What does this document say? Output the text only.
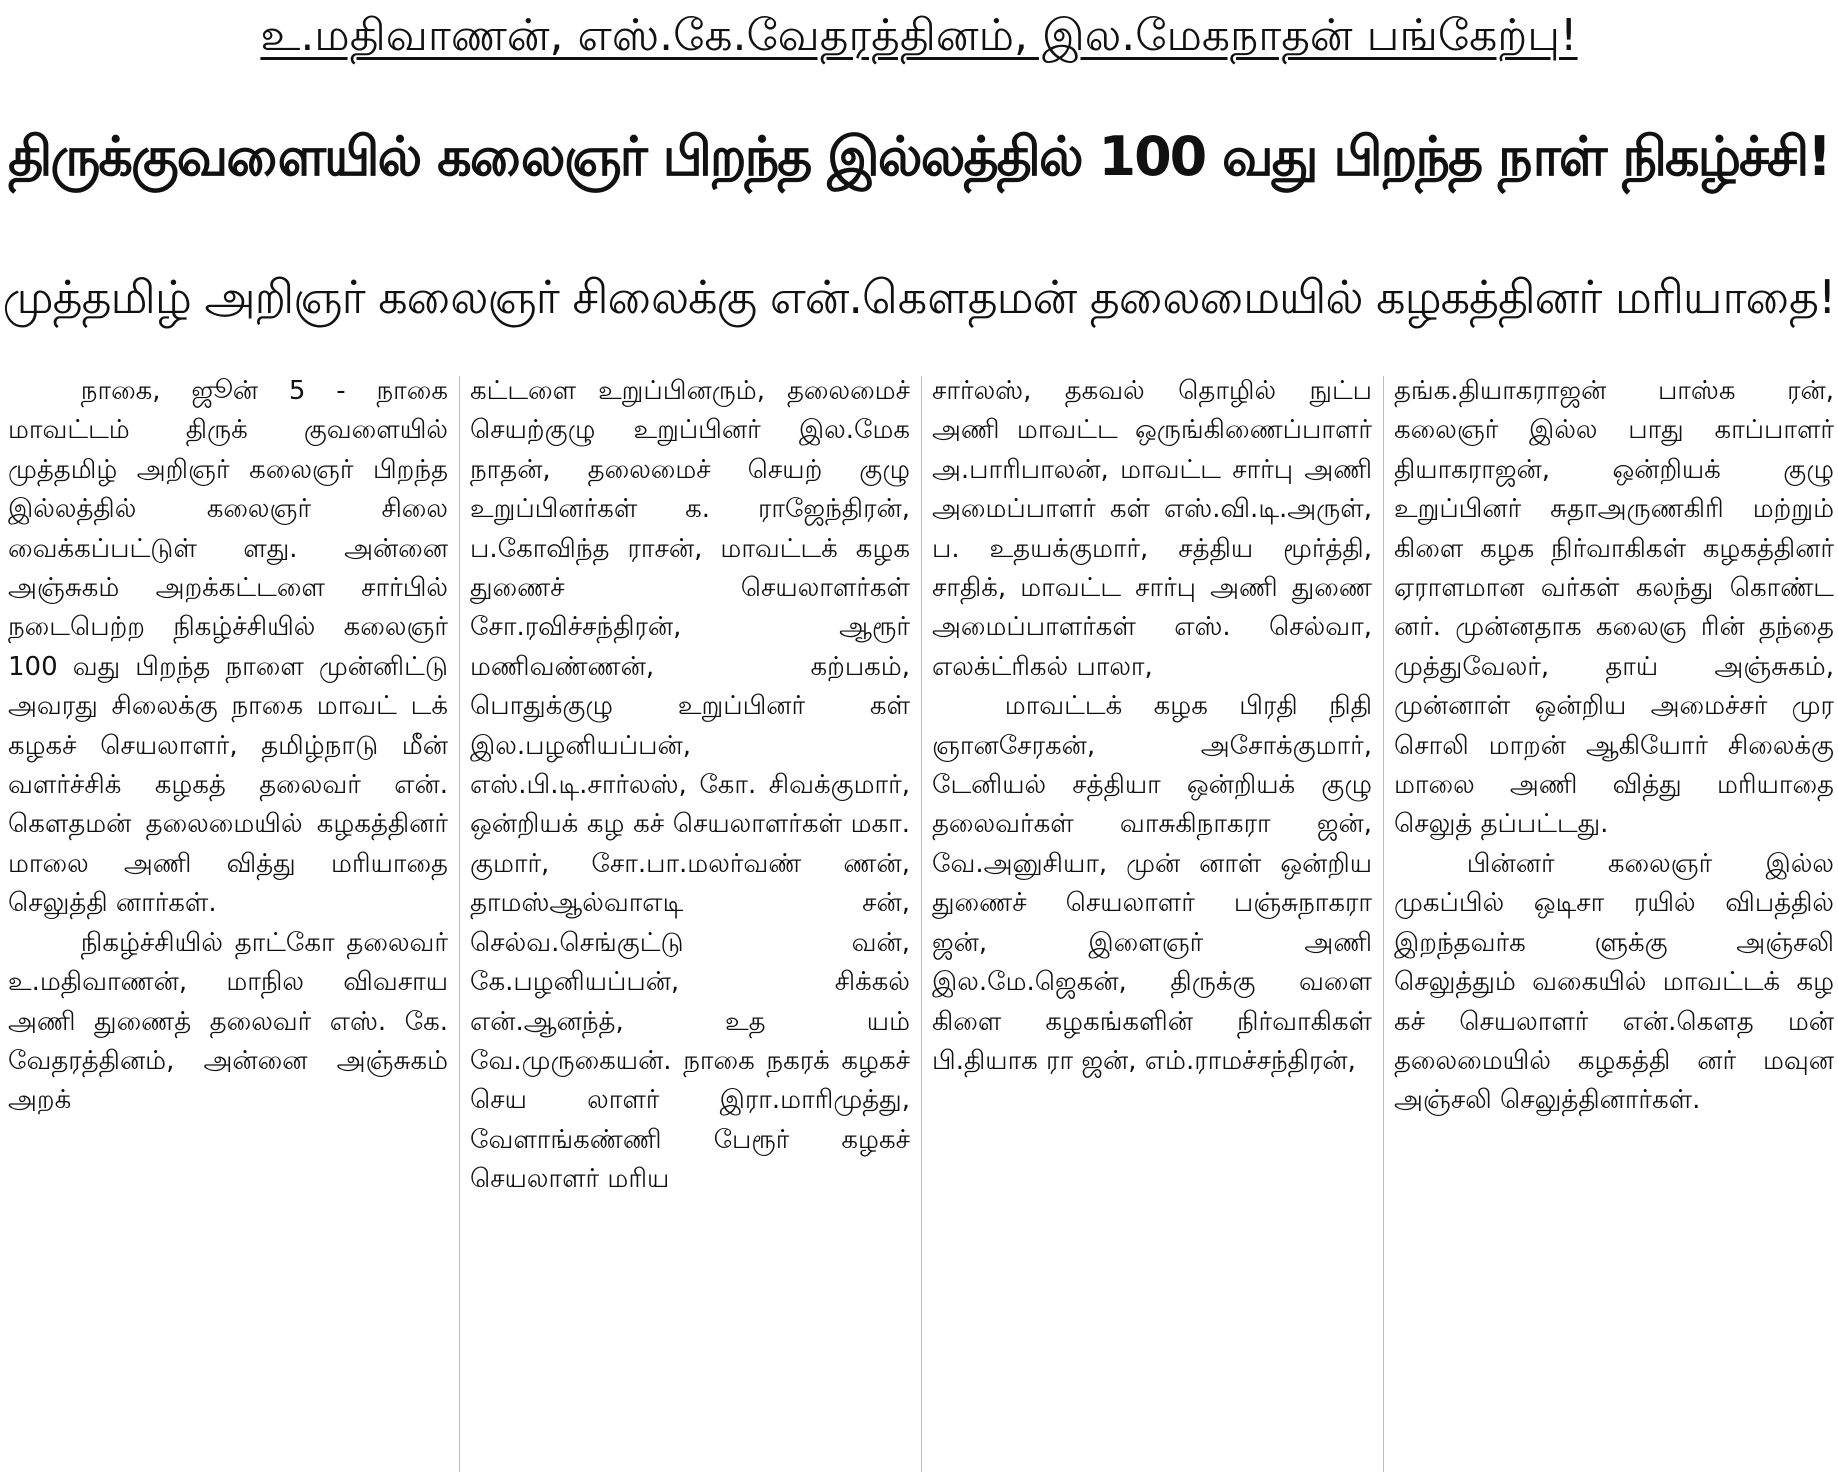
உ.மதிவாணன், எஸ்.கே.வேதரத்தினம், இல.மேகநாதன் பங்கேற்பு!
திருக்குவளையில் கலைஞர் பிறந்த இல்லத்தில் 100 வது பிறந்த நாள் நிகழ்ச்சி!
முத்தமிழ் அறிஞர் கலைஞர் சிலைக்கு என்.கௌதமன் தலைமையில் கழகத்தினர் மரியாதை!

நாகை, ஜூன் 5 - நாகை மாவட்டம் திருக் குவளையில் முத்தமிழ் அறிஞர் கலைஞர் பிறந்த இல்லத்தில் கலைஞர் சிலை வைக்கப்பட்டுள் ளது. அன்னை அஞ்சுகம் அறக்கட்டளை சார்பில் நடைபெற்ற நிகழ்ச்சியில் கலைஞர் 100 வது பிறந்த நாளை முன்னிட்டு அவரது சிலைக்கு நாகை மாவட் டக் கழகச் செயலாளர், தமிழ்நாடு மீன் வளர்ச்சிக் கழகத் தலைவர் என். கௌதமன் தலைமையில் கழகத்தினர் மாலை அணி வித்து மரியாதை செலுத்தி னார்கள்.

நிகழ்ச்சியில் தாட்கோ தலைவர் உ.மதிவாணன், மாநில விவசாய அணி துணைத் தலைவர் எஸ். கே. வேதரத்தினம், அன்னை அஞ்சுகம் அறக்

கட்டளை உறுப்பினரும், தலைமைச் செயற்குழு உறுப்பினர் இல.மேக நாதன், தலைமைச் செயற் குழு உறுப்பினர்கள் க. ராஜேந்திரன், ப.கோவிந்த ராசன், மாவட்டக் கழக துணைச் செயலாளர்கள் சோ.ரவிச்சந்திரன், ஆரூர் மணிவண்ணன், கற்பகம், பொதுக்குழு உறுப்பினர் கள் இல.பழனியப்பன், எஸ்.பி.டி.சார்லஸ், கோ. சிவக்குமார், ஒன்றியக் கழ கச் செயலாளர்கள் மகா. குமார், சோ.பா.மலர்வண் ணன், தாமஸ்ஆல்வாஎடி சன், செல்வ.செங்குட்டு வன், கே.பழனியப்பன், சிக்கல் என்.ஆனந்த், உத யம் வே.முருகையன். நாகை நகரக் கழகச் செய லாளர் இரா.மாரிமுத்து, வேளாங்கண்ணி பேரூர் கழகச் செயலாளர் மரிய

சார்லஸ், தகவல் தொழில் நுட்ப அணி மாவட்ட ஒருங்கிணைப்பாளர் அ.பாரிபாலன், மாவட்ட சார்பு அணி அமைப்பாளர் கள் எஸ்.வி.டி.அருள், ப. உதயக்குமார், சத்திய மூர்த்தி, சாதிக், மாவட்ட சார்பு அணி துணை அமைப்பாளர்கள் எஸ். செல்வா, எலக்ட்ரிகல் பாலா,

மாவட்டக் கழக பிரதி நிதி ஞானசேரகன், அசோக்குமார், டேனியல் சத்தியா ஒன்றியக் குழு தலைவர்கள் வாசுகிநாகரா ஜன், வே.அனுசியா, முன் னாள் ஒன்றிய துணைச் செயலாளர் பஞ்சுநாகரா ஜன், இளைஞர் அணி இல.மே.ஜெகன், திருக்கு வளை கிளை கழகங்களின் நிர்வாகிகள் பி.தியாக ரா ஜன், எம்.ராமச்சந்திரன்,

தங்க.தியாகராஜன் பாஸ்க ரன், கலைஞர் இல்ல பாது காப்பாளர் தியாகராஜன், ஒன்றியக் குழு உறுப்பினர் சுதாஅருணகிரி மற்றும் கிளை கழக நிர்வாகிகள் கழகத்தினர் ஏராளமான வர்கள் கலந்து கொண்ட னர். முன்னதாக கலைஞ ரின் தந்தை முத்துவேலர், தாய் அஞ்சுகம், முன்னாள் ஒன்றிய அமைச்சர் முர சொலி மாறன் ஆகியோர் சிலைக்கு மாலை அணி வித்து மரியாதை செலுத் தப்பட்டது.

பின்னர் கலைஞர் இல்ல முகப்பில் ஒடிசா ரயில் விபத்தில் இறந்தவர்க ளுக்கு அஞ்சலி செலுத்தும் வகையில் மாவட்டக் கழ கச் செயலாளர் என்.கௌத மன் தலைமையில் கழகத்தி னர் மவுன அஞ்சலி செலுத்தினார்கள்.
